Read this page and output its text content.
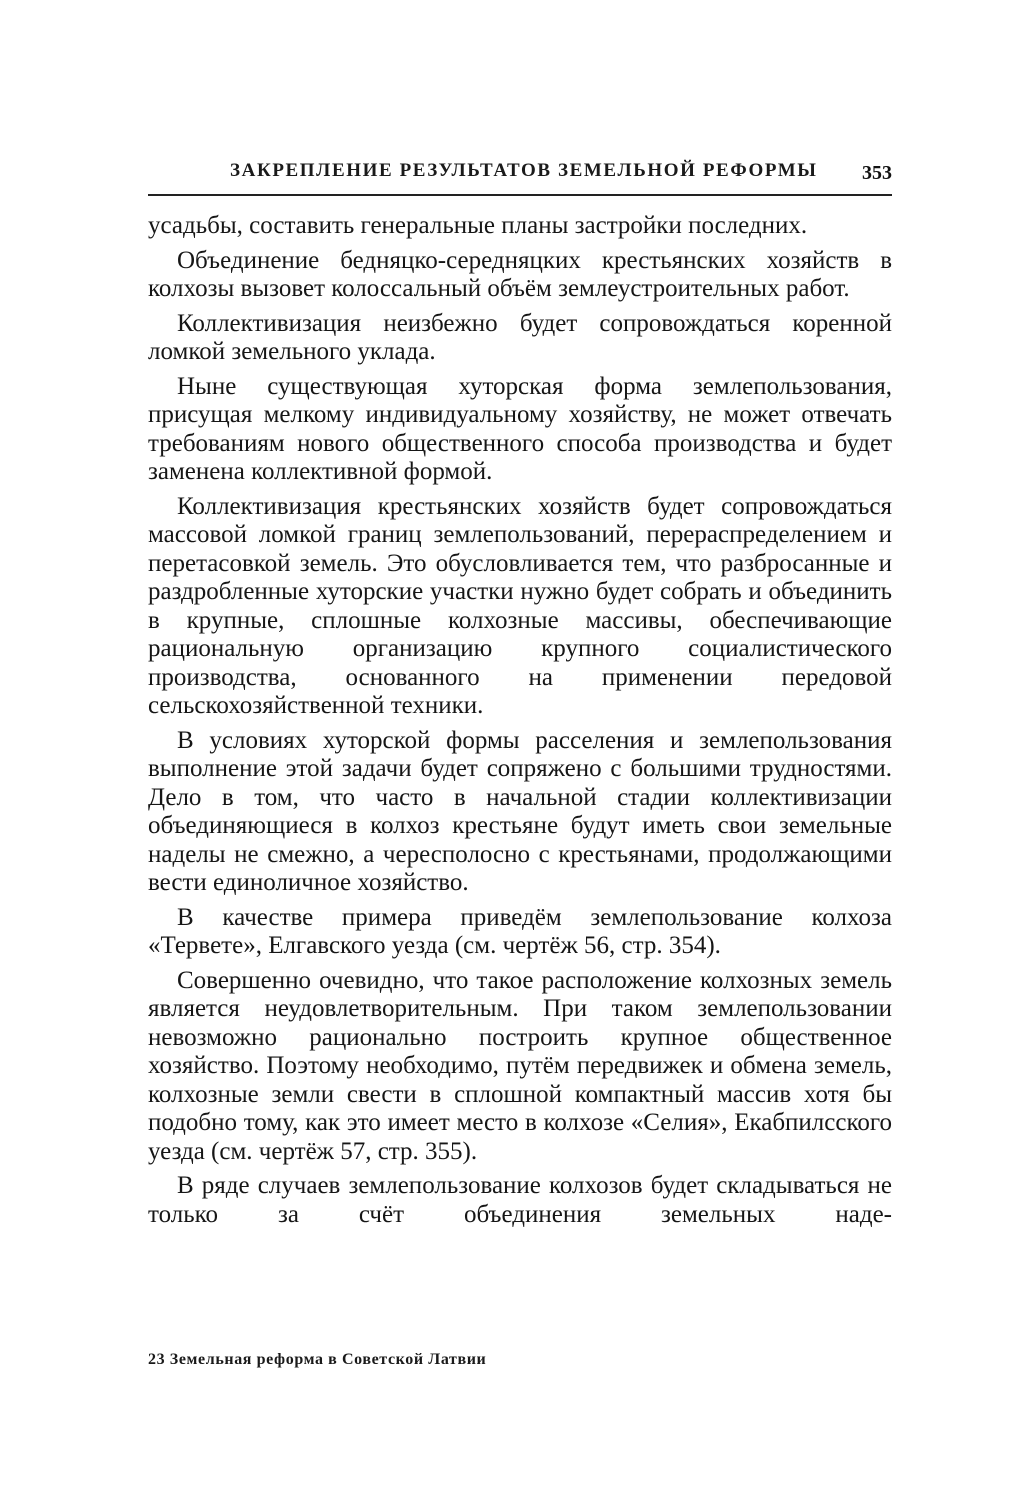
ЗАКРЕПЛЕНИЕ РЕЗУЛЬТАТОВ ЗЕМЕЛЬНОЙ РЕФОРМЫ 353

усадьбы, составить генеральные планы застройки последних.

Объединение бедняцко-середняцких крестьянских хозяйств в колхозы вызовет колоссальный объём землеустроительных работ.

Коллективизация неизбежно будет сопровождаться коренной ломкой земельного уклада.

Ныне существующая хуторская форма землепользования, присущая мелкому индивидуальному хозяйству, не может отвечать требованиям нового общественного способа производства и будет заменена коллективной формой.

Коллективизация крестьянских хозяйств будет сопровождаться массовой ломкой границ землепользований, перераспределением и перетасовкой земель. Это обусловливается тем, что разбросанные и раздробленные хуторские участки нужно будет собрать и объединить в крупные, сплошные колхозные массивы, обеспечивающие рациональную организацию крупного социалистического производства, основанного на применении передовой сельскохозяйственной техники.

В условиях хуторской формы расселения и землепользования выполнение этой задачи будет сопряжено с большими трудностями. Дело в том, что часто в начальной стадии коллективизации объединяющиеся в колхоз крестьяне будут иметь свои земельные наделы не смежно, а чересполосно с крестьянами, продолжающими вести единоличное хозяйство.

В качестве примера приведём землепользование колхоза «Тервете», Елгавского уезда (см. чертёж 56, стр. 354).

Совершенно очевидно, что такое расположение колхозных земель является неудовлетворительным. При таком землепользовании невозможно рационально построить крупное общественное хозяйство. Поэтому необходимо, путём передвижек и обмена земель, колхозные земли свести в сплошной компактный массив хотя бы подобно тому, как это имеет место в колхозе «Селия», Екабпилсского уезда (см. чертёж 57, стр. 355).

В ряде случаев землепользование колхозов будет складываться не только за счёт объединения земельных наде-

23 Земельная реформа в Советской Латвии
